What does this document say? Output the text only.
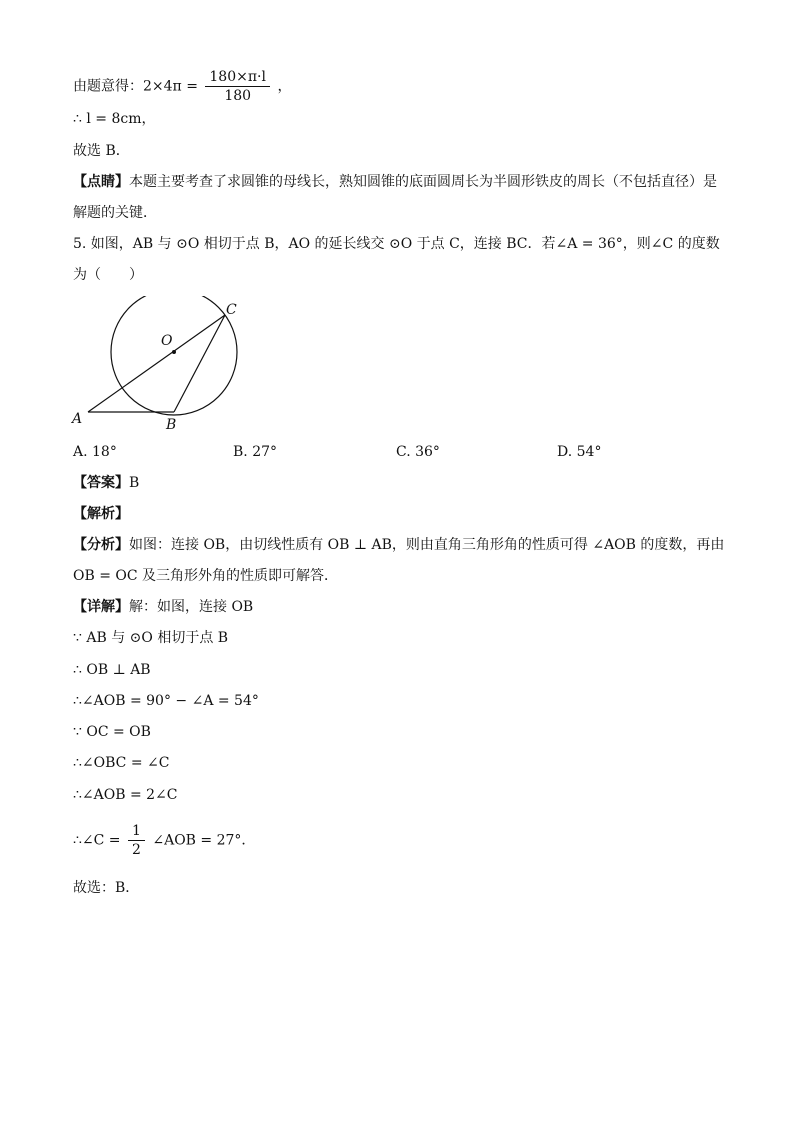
由题意得：$2\times 4\pi = \frac{180\times\pi\cdot l}{180}$ ，
∴ l = 8cm，
故选 B．
【点睛】本题主要考查了求圆锥的母线长，熟知圆锥的底面圆周长为半圆形铁皮的周长（不包括直径）是
解题的关键．
5. 如图，AB 与 ⊙O 相切于点 B，AO 的延长线交 ⊙O 于点 C，连接 BC．若∠A = 36°，则∠C 的度数
为（　　）
O
A	B
C
A. 18°	B. 27°	C. 36°	D. 54°
【答案】B
【解析】
【分析】如图：连接 OB，由切线性质有 OB ⊥ AB，则由直角三角形角的性质可得 ∠AOB 的度数，再由
OB = OC 及三角形外角的性质即可解答．
【详解】解：如图，连接 OB
∵ AB 与 ⊙O 相切于点 B
∴ OB ⊥ AB
∴∠AOB = 90° − ∠A = 54°
∵ OC = OB
∴∠OBC = ∠C
∴∠AOB = 2∠C
∴∠C = $\frac{1}{2}$ ∠AOB = 27°．
故选：B．
